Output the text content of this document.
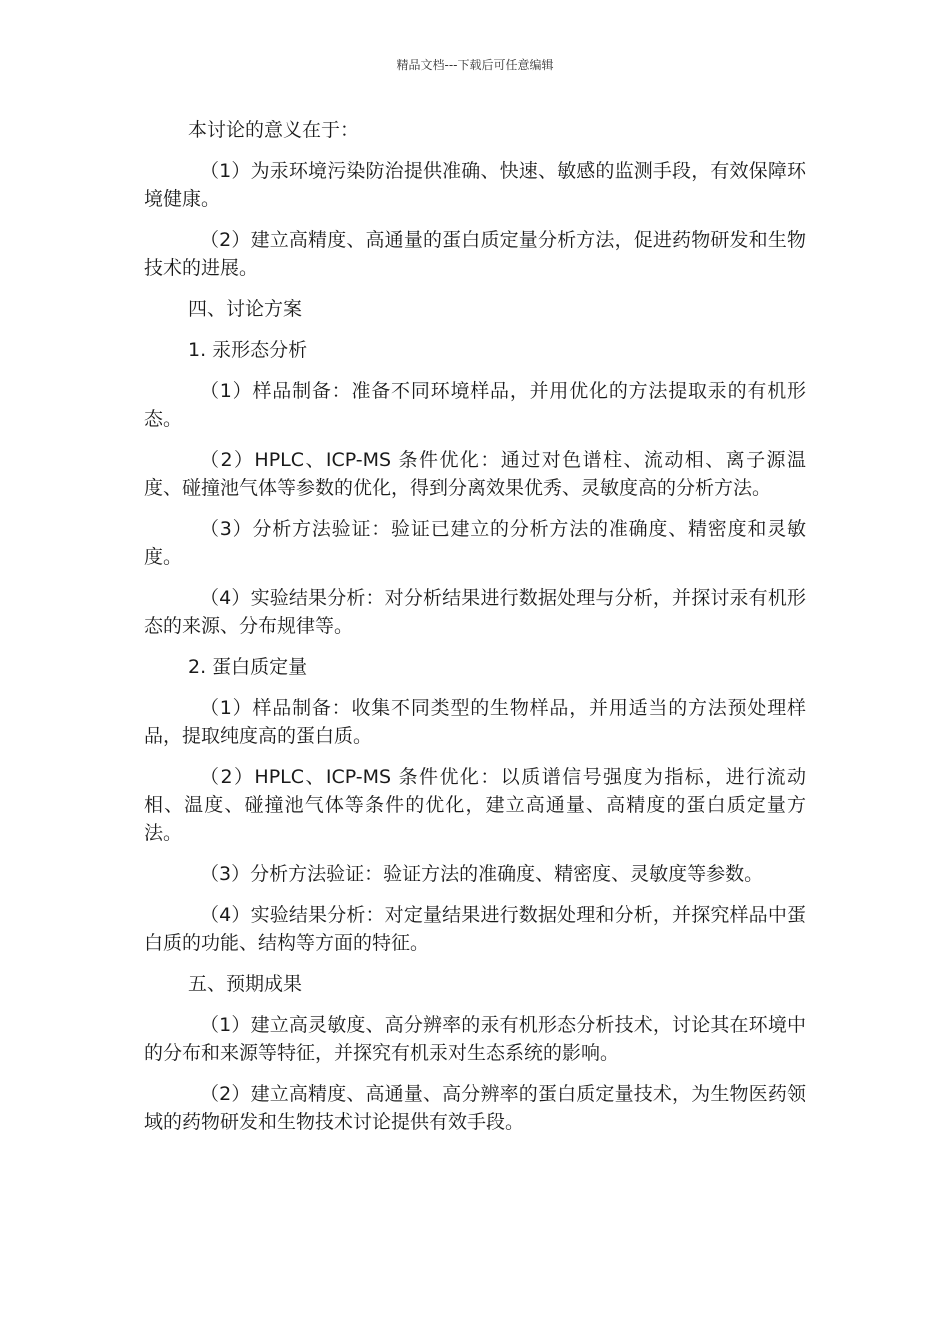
精品文档---下载后可任意编辑

本讨论的意义在于：

（1）为汞环境污染防治提供准确、快速、敏感的监测手段，有效保障环境健康。

（2）建立高精度、高通量的蛋白质定量分析方法，促进药物研发和生物技术的进展。

四、讨论方案

1. 汞形态分析

（1）样品制备：准备不同环境样品，并用优化的方法提取汞的有机形态。

（2）HPLC、ICP-MS 条件优化：通过对色谱柱、流动相、离子源温度、碰撞池气体等参数的优化，得到分离效果优秀、灵敏度高的分析方法。

（3）分析方法验证：验证已建立的分析方法的准确度、精密度和灵敏度。

（4）实验结果分析：对分析结果进行数据处理与分析，并探讨汞有机形态的来源、分布规律等。

2. 蛋白质定量

（1）样品制备：收集不同类型的生物样品，并用适当的方法预处理样品，提取纯度高的蛋白质。

（2）HPLC、ICP-MS 条件优化：以质谱信号强度为指标，进行流动相、温度、碰撞池气体等条件的优化，建立高通量、高精度的蛋白质定量方法。

（3）分析方法验证：验证方法的准确度、精密度、灵敏度等参数。

（4）实验结果分析：对定量结果进行数据处理和分析，并探究样品中蛋白质的功能、结构等方面的特征。

五、预期成果

（1）建立高灵敏度、高分辨率的汞有机形态分析技术，讨论其在环境中的分布和来源等特征，并探究有机汞对生态系统的影响。

（2）建立高精度、高通量、高分辨率的蛋白质定量技术，为生物医药领域的药物研发和生物技术讨论提供有效手段。
